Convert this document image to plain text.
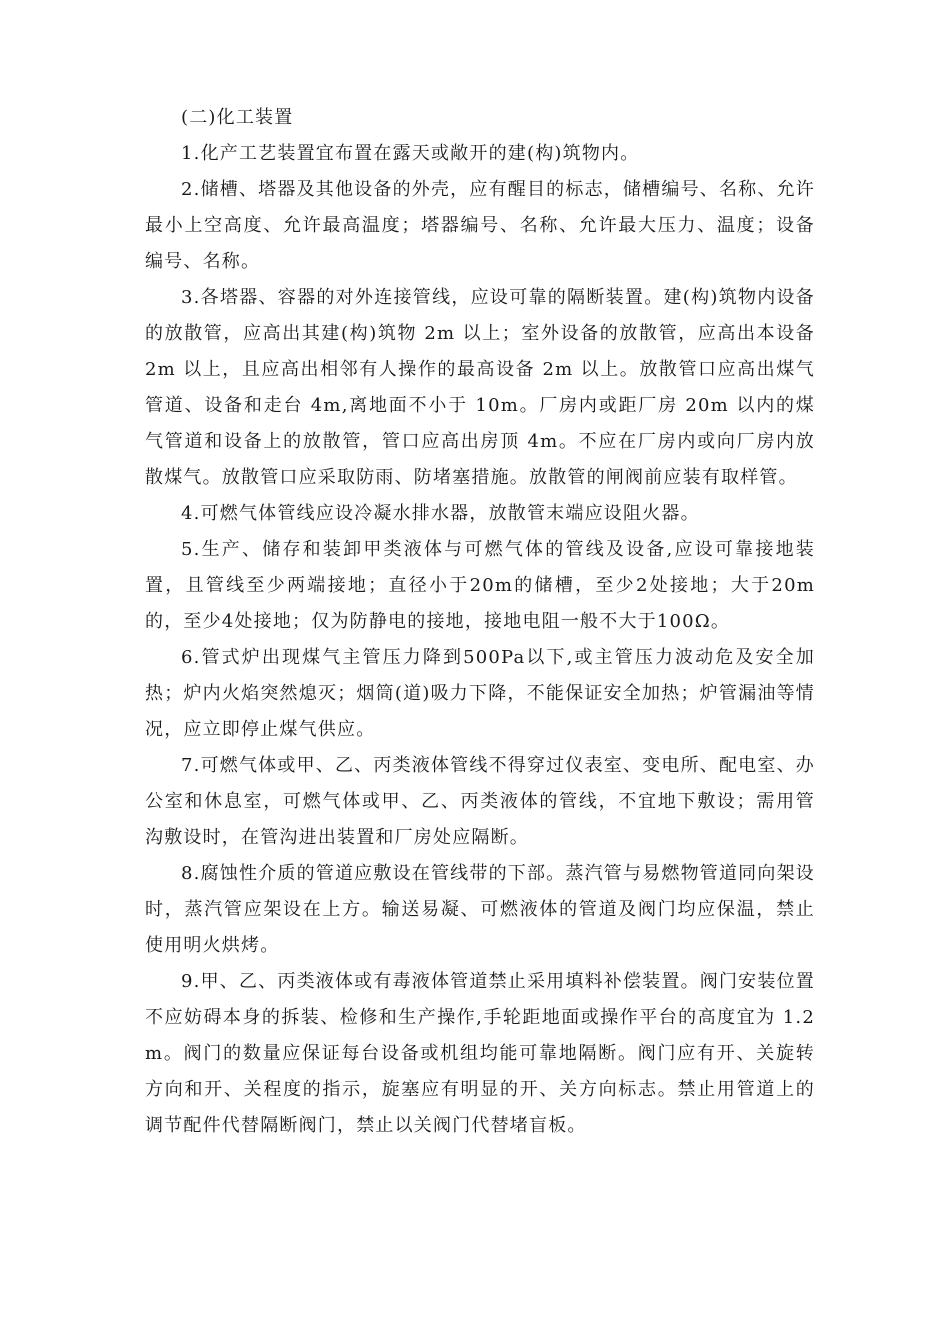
(二)化工装置

1.化产工艺装置宜布置在露天或敞开的建(构)筑物内。

2.储槽、塔器及其他设备的外壳，应有醒目的标志，储槽编号、名称、允许最小上空高度、允许最高温度；塔器编号、名称、允许最大压力、温度；设备编号、名称。

3.各塔器、容器的对外连接管线，应设可靠的隔断装置。建(构)筑物内设备的放散管，应高出其建(构)筑物 2m 以上；室外设备的放散管，应高出本设备 2m 以上，且应高出相邻有人操作的最高设备 2m 以上。放散管口应高出煤气管道、设备和走台 4m,离地面不小于 10m。厂房内或距厂房 20m 以内的煤气管道和设备上的放散管，管口应高出房顶 4m。不应在厂房内或向厂房内放散煤气。放散管口应采取防雨、防堵塞措施。放散管的闸阀前应装有取样管。

4.可燃气体管线应设冷凝水排水器，放散管末端应设阻火器。

5.生产、储存和装卸甲类液体与可燃气体的管线及设备,应设可靠接地装置，且管线至少两端接地；直径小于20m的储槽，至少2处接地；大于20m的，至少4处接地；仅为防静电的接地，接地电阻一般不大于100Ω。

6.管式炉出现煤气主管压力降到500Pa以下,或主管压力波动危及安全加热；炉内火焰突然熄灭；烟筒(道)吸力下降，不能保证安全加热；炉管漏油等情况，应立即停止煤气供应。

7.可燃气体或甲、乙、丙类液体管线不得穿过仪表室、变电所、配电室、办公室和休息室，可燃气体或甲、乙、丙类液体的管线，不宜地下敷设；需用管沟敷设时，在管沟进出装置和厂房处应隔断。

8.腐蚀性介质的管道应敷设在管线带的下部。蒸汽管与易燃物管道同向架设时，蒸汽管应架设在上方。输送易凝、可燃液体的管道及阀门均应保温，禁止使用明火烘烤。

9.甲、乙、丙类液体或有毒液体管道禁止采用填料补偿装置。阀门安装位置不应妨碍本身的拆装、检修和生产操作,手轮距地面或操作平台的高度宜为 1.2m。阀门的数量应保证每台设备或机组均能可靠地隔断。阀门应有开、关旋转方向和开、关程度的指示，旋塞应有明显的开、关方向标志。禁止用管道上的调节配件代替隔断阀门，禁止以关阀门代替堵盲板。
